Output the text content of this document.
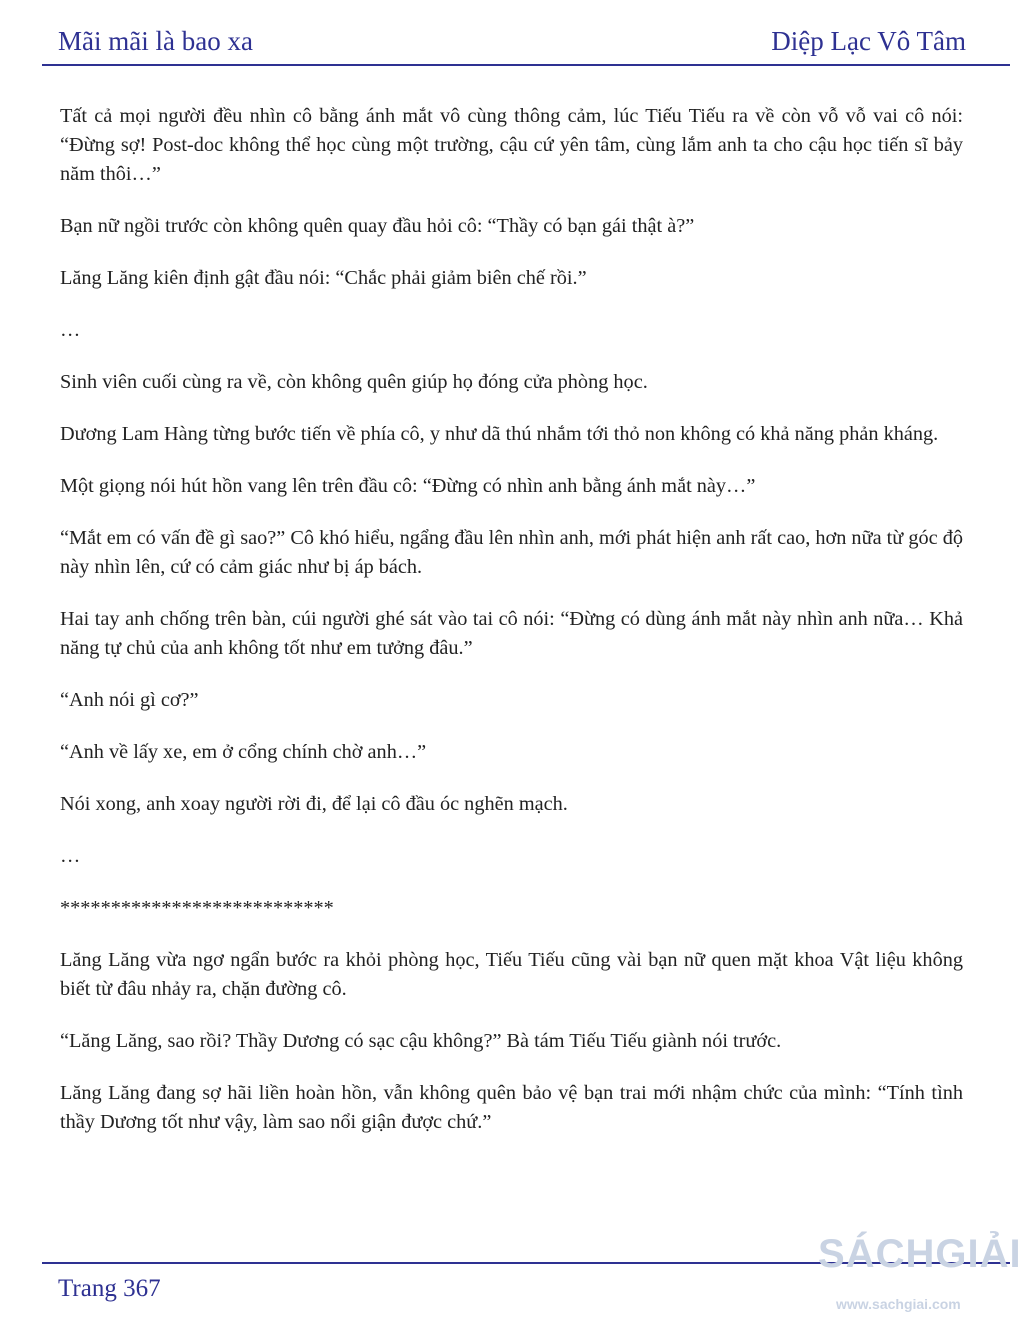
Mãi mãi là bao xa	Diệp Lạc Vô Tâm

Tất cả mọi người đều nhìn cô bằng ánh mắt vô cùng thông cảm, lúc Tiếu Tiếu ra về còn vỗ vỗ vai cô nói: “Đừng sợ! Post-doc không thể học cùng một trường, cậu cứ yên tâm, cùng lắm anh ta cho cậu học tiến sĩ bảy năm thôi…”

Bạn nữ ngồi trước còn không quên quay đầu hỏi cô: “Thầy có bạn gái thật à?”

Lăng Lăng kiên định gật đầu nói: “Chắc phải giảm biên chế rồi.”

…

Sinh viên cuối cùng ra về, còn không quên giúp họ đóng cửa phòng học.

Dương Lam Hàng từng bước tiến về phía cô, y như dã thú nhắm tới thỏ non không có khả năng phản kháng.

Một giọng nói hút hồn vang lên trên đầu cô: “Đừng có nhìn anh bằng ánh mắt này…”

“Mắt em có vấn đề gì sao?” Cô khó hiểu, ngẩng đầu lên nhìn anh, mới phát hiện anh rất cao, hơn nữa từ góc độ này nhìn lên, cứ có cảm giác như bị áp bách.

Hai tay anh chống trên bàn, cúi người ghé sát vào tai cô nói: “Đừng có dùng ánh mắt này nhìn anh nữa… Khả năng tự chủ của anh không tốt như em tưởng đâu.”

“Anh nói gì cơ?”

“Anh về lấy xe, em ở cổng chính chờ anh…”

Nói xong, anh xoay người rời đi, để lại cô đầu óc nghẽn mạch.

…

***************************

Lăng Lăng vừa ngơ ngẩn bước ra khỏi phòng học, Tiếu Tiếu cũng vài bạn nữ quen mặt khoa Vật liệu không biết từ đâu nhảy ra, chặn đường cô.

“Lăng Lăng, sao rồi? Thầy Dương có sạc cậu không?” Bà tám Tiếu Tiếu giành nói trước.

Lăng Lăng đang sợ hãi liền hoàn hồn, vẫn không quên bảo vệ bạn trai mới nhậm chức của mình: “Tính tình thầy Dương tốt như vậy, làm sao nổi giận được chứ.”

Trang 367
SÁCHGIẢI
www.sachgiai.com
